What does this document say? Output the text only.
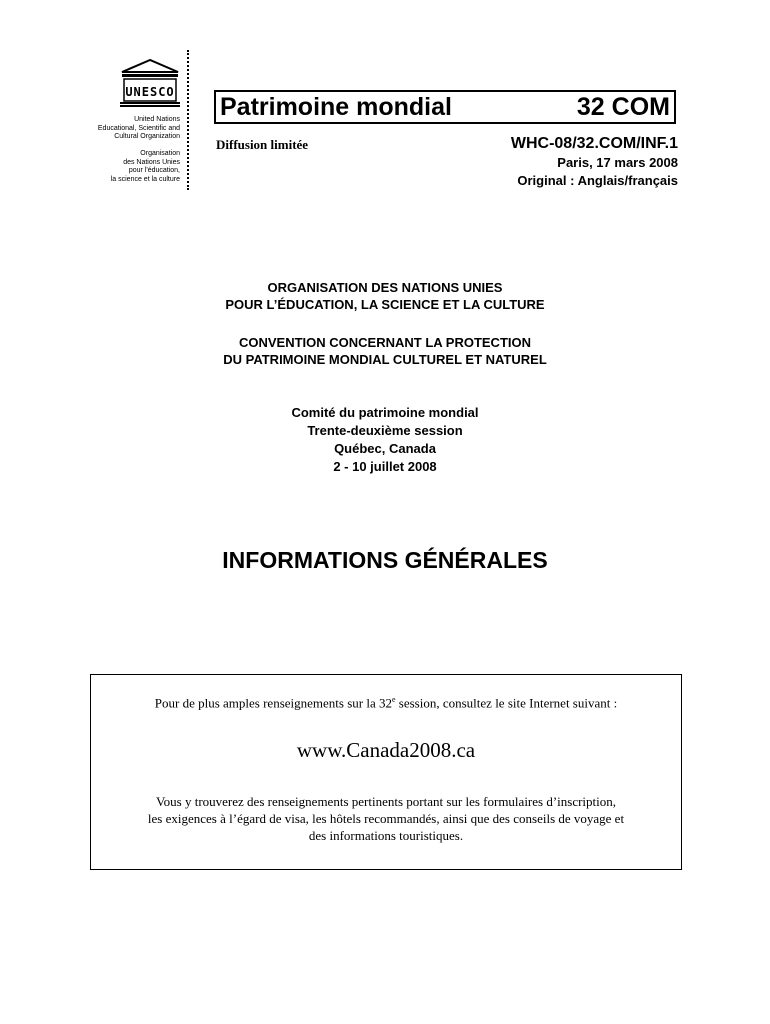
UNESCO
United Nations
Educational, Scientific and
Cultural Organization
Organisation
des Nations Unies
pour l'éducation,
la science et la culture
Patrimoine mondial	32 COM
Diffusion limitée	WHC-08/32.COM/INF.1
Paris, 17 mars 2008
Original : Anglais/français
ORGANISATION DES NATIONS UNIES
POUR L’ÉDUCATION, LA SCIENCE ET LA CULTURE
CONVENTION CONCERNANT LA PROTECTION
DU PATRIMOINE MONDIAL CULTUREL ET NATUREL
Comité du patrimoine mondial
Trente-deuxième session
Québec, Canada
2 - 10 juillet 2008
INFORMATIONS GÉNÉRALES
Pour de plus amples renseignements sur la 32e session, consultez le site Internet suivant :
www.Canada2008.ca
Vous y trouverez des renseignements pertinents portant sur les formulaires d’inscription,
les exigences à l’égard de visa, les hôtels recommandés, ainsi que des conseils de voyage et
des informations touristiques.
